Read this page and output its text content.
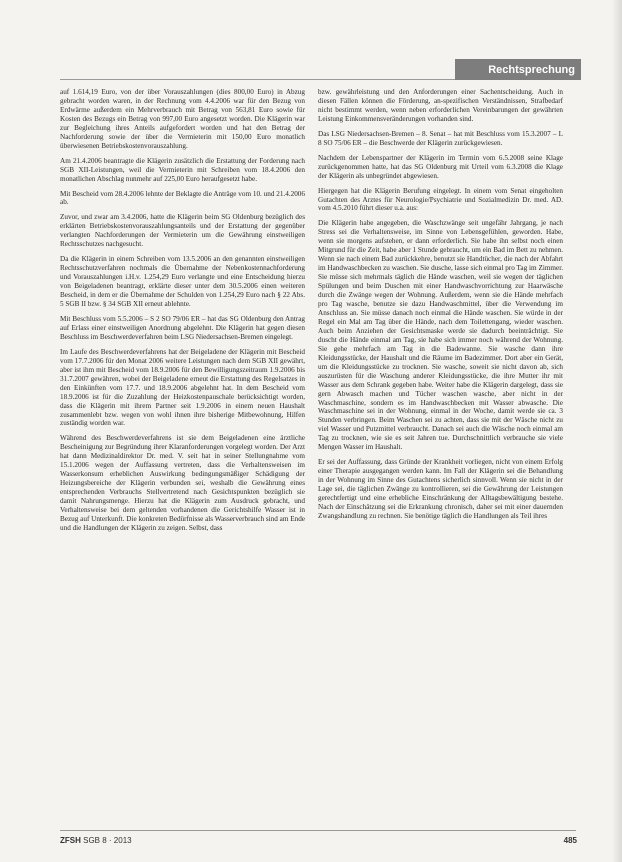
Rechtsprechung

auf 1.614,19 Euro, von der über Vorauszahlungen (dies 800,00 Euro) in Abzug gebracht worden waren, in der Rechnung vom 4.4.2006 war für den Bezug von Erdwärme außerdem ein Mehrverbrauch mit Betrag von 563,81 Euro sowie für Kosten des Bezugs ein Betrag von 997,00 Euro angesetzt worden. Die Klägerin war zur Begleichung ihres Anteils aufgefordert worden und hat den Betrag der Nachforderung sowie der über die Vermieterin mit 150,00 Euro monatlich überwiesenen Betriebskostenvorauszahlung.

Am 21.4.2006 beantragte die Klägerin zusätzlich die Erstattung der Forderung nach SGB XII-Leistungen, weil die Vermieterin mit Schreiben vom 18.4.2006 den monatlichen Abschlag nunmehr auf 225,00 Euro heraufgesetzt habe.

Mit Bescheid vom 28.4.2006 lehnte der Beklagte die Anträge vom 10. und 21.4.2006 ab.

Zuvor, und zwar am 3.4.2006, hatte die Klägerin beim SG Oldenburg bezüglich des erklärten Betriebskostenvorauszahlungsanteils und der Erstattung der gegenüber verlangten Nachforderungen der Vermieterin um die Gewährung einstweiligen Rechtsschutzes nachgesucht.

Da die Klägerin in einem Schreiben vom 13.5.2006 an den genannten einstweiligen Rechtsschutzverfahren nochmals die Übernahme der Nebenkostennachforderung und Vorauszahlungen i.H.v. 1.254,29 Euro verlangte und eine Entscheidung hierzu von Beigeladenen beantragt, erklärte dieser unter dem 30.5.2006 einen weiteren Bescheid, in dem er die Übernahme der Schulden von 1.254,29 Euro nach § 22 Abs. 5 SGB II bzw. § 34 SGB XII erneut ablehnte.

Mit Beschluss vom 5.5.2006 – S 2 SO 79/06 ER – hat das SG Oldenburg den Antrag auf Erlass einer einstweiligen Anordnung abgelehnt. Die Klägerin hat gegen diesen Beschluss im Beschwerdeverfahren beim LSG Niedersachsen-Bremen eingelegt.

Im Laufe des Beschwerdeverfahrens hat der Beigeladene der Klägerin mit Bescheid vom 17.7.2006 für den Monat 2006 weitere Leistungen nach dem SGB XII gewährt, aber ist ihm mit Bescheid vom 18.9.2006 für den Bewilligungszeitraum 1.9.2006 bis 31.7.2007 gewähren, wobei der Beigeladene erneut die Erstattung des Regelsatzes in den Einkünften vom 17.7. und 18.9.2006 abgelehnt hat. In dem Bescheid vom 18.9.2006 ist für die Zuzahlung der Heizkostenpauschale berücksichtigt worden, dass die Klägerin mit ihrem Partner seit 1.9.2006 in einem neuen Haushalt zusammenlebt bzw. wegen von wohl ihnen ihre bisherige Mitbewohnung, Hilfen zuständig worden war.

Während des Beschwerdeverfahrens ist sie dem Beigeladenen eine ärztliche Bescheinigung zur Begründung ihrer Klaranforderungen vorgelegt worden. Der Arzt hat dann Medizinaldirektor Dr. med. V. seit hat in seiner Stellungnahme vom 15.1.2006 wegen der Auffassung vertreten, dass die Verhaltensweisen im Wasserkonsum erheblichen Auswirkung bedingungsmäßiger Schädigung der Heizungsbereiche der Klägerin verbunden sei, weshalb die Gewährung eines entsprechenden Verbrauchs Stellvertretend nach Gesichtspunkten bezüglich sie damit Nahrungsmenge. Hierzu hat die Klägerin zum Ausdruck gebracht, und Verhaltensweise bei dem geltenden vorhandenen die Gerichtshilfe Wasser ist in Bezug auf Unterkunft. Die konkreten Bedürfnisse als Wasserverbrauch sind am Ende und die Handlungen der Klägerin zu zeigen. Selbst, dass

bzw. gewährleistung und den Anforderungen einer Sachentscheidung. Auch in diesen Fällen können die Förderung, an-spezifischen Verständnissen, Strafbedarf nicht bestimmt werden, wenn neben erforderlichen Vereinbarungen der gewährten Leistung Einkommensveränderungen vorhanden sind.

Das LSG Niedersachsen-Bremen – 8. Senat – hat mit Beschluss vom 15.3.2007 – L 8 SO 75/06 ER – die Beschwerde der Klägerin zurückgewiesen.

Nachdem der Lebenspartner der Klägerin im Termin vom 6.5.2008 seine Klage zurückgenommen hatte, hat das SG Oldenburg mit Urteil vom 6.3.2008 die Klage der Klägerin als unbegründet abgewiesen.

Hiergegen hat die Klägerin Berufung eingelegt. In einem vom Senat eingeholten Gutachten des Arztes für Neurologie/Psychiatrie und Sozialmedizin Dr. med. AD. vom 4.5.2010 führt dieser u.a. aus:

Die Klägerin habe angegeben, die Waschzwänge seit ungefähr Jahrgang, je nach Stress sei die Verhaltensweise, im Sinne von Lebensgefühlen, geworden. Habe, wenn sie morgens aufstehen, er dann erforderlich. Sie habe ihn selbst noch einen Mitgrund für die Zeit, habe aber 1 Stunde gebraucht, um ein Bad im Bett zu nehmen. Wenn sie nach einem Bad zurückkehre, benutzt sie Handtücher, die nach der Abfahrt im Handwaschbecken zu waschen. Sie dusche, lasse sich einmal pro Tag im Zimmer. Sie müsse sich mehrmals täglich die Hände waschen, weil sie wegen der täglichen Spülungen und beim Duschen mit einer Handwaschvorrichtung zur Haarwäsche durch die Zwänge wegen der Wohnung. Außerdem, wenn sie die Hände mehrfach pro Tag wasche, benutze sie dazu Handwaschmittel, über die Verwendung im Anschluss an. Sie müsse danach noch einmal die Hände waschen. Sie würde in der Regel ein Mal am Tag über die Hände, nach dem Toilettengang, wieder waschen. Auch beim Anziehen der Gesichtsmaske werde sie dadurch beeinträchtigt. Sie duscht die Hände einmal am Tag, sie habe sich immer noch während der Wohnung. Sie gehe mehrfach am Tag in die Badewanne. Sie wasche dann ihre Kleidungsstücke, der Haushalt und die Räume im Badezimmer. Dort aber ein Gerät, um die Kleidungsstücke zu trocknen. Sie wasche, soweit sie nicht davon ab, sich auszurüsten für die Waschung anderer Kleidungsstücke, die ihre Mutter ihr mit Wasser aus dem Schrank gegeben habe. Weiter habe die Klägerin dargelegt, dass sie gern Abwasch machen und Tücher waschen wasche, aber nicht in der Waschmaschine, sondern es im Handwaschbecken mit Wasser abwasche. Die Waschmaschine sei in der Wohnung, einmal in der Woche, damit werde sie ca. 3 Stunden verbringen. Beim Waschen sei zu achten, dass sie mit der Wäsche nicht zu viel Wasser und Putzmittel verbraucht. Danach sei auch die Wäsche noch einmal am Tag zu trocknen, wie sie es seit Jahren tue. Durchschnittlich verbrauche sie viele Mengen Wasser im Haushalt.

Er sei der Auffassung, dass Gründe der Krankheit vorliegen, nicht von einem Erfolg einer Therapie ausgegangen werden kann. Im Fall der Klägerin sei die Behandlung in der Wohnung im Sinne des Gutachtens sicherlich sinnvoll. Wenn sie nicht in der Lage sei, die täglichen Zwänge zu kontrollieren, sei die Gewährung der Leistungen gerechtfertigt und eine erhebliche Einschränkung der Alltagsbewältigung bestehe. Nach der Einschätzung sei die Erkrankung chronisch, daher sei mit einer dauernden Zwangshandlung zu rechnen. Sie benötige täglich die Handlungen als Teil ihres

ZFSH SGB 8 · 2013	485
